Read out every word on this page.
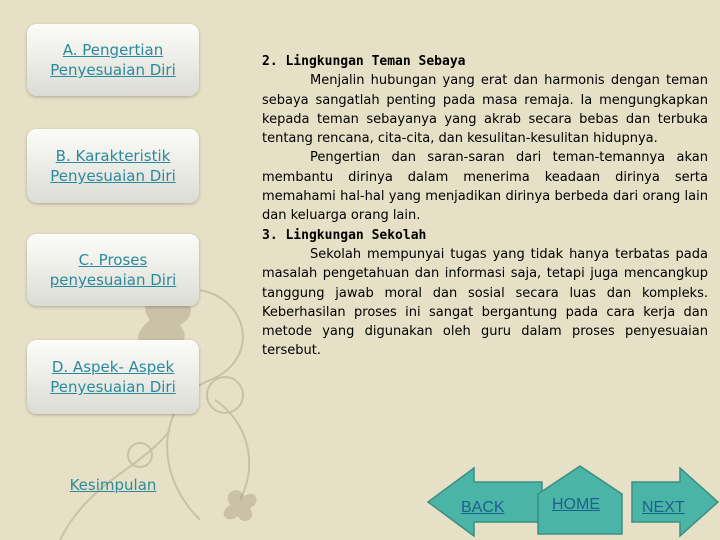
A. Pengertian
Penyesuaian Diri
B. Karakteristik
Penyesuaian Diri
C. Proses
penyesuaian Diri
D. Aspek- Aspek
Penyesuaian Diri
Kesimpulan
2. Lingkungan Teman Sebaya

Menjalin hubungan yang erat dan harmonis dengan teman sebaya sangatlah penting pada masa remaja. Ia mengungkapkan kepada teman sebayanya yang akrab secara bebas dan terbuka tentang rencana, cita-cita, dan kesulitan-kesulitan hidupnya.

Pengertian dan saran-saran dari teman-temannya akan membantu dirinya dalam menerima keadaan dirinya serta memahami hal-hal yang menjadikan dirinya berbeda dari orang lain dan keluarga orang lain.

3. Lingkungan Sekolah

Sekolah mempunyai tugas yang tidak hanya terbatas pada masalah pengetahuan dan informasi saja, tetapi juga mencangkup tanggung jawab moral dan sosial secara luas dan kompleks. Keberhasilan proses ini sangat bergantung pada cara kerja dan metode yang digunakan oleh guru dalam proses penyesuaian tersebut.

BACK	HOME	NEXT
